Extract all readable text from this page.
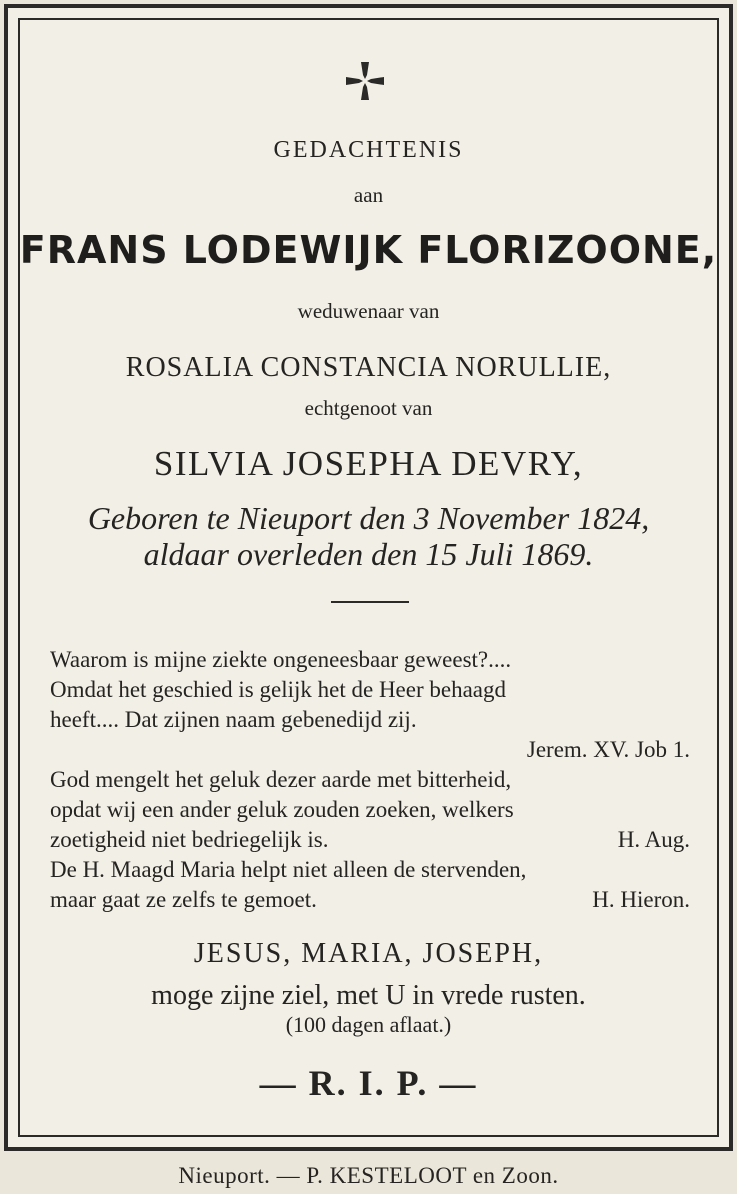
GEDACHTENIS
aan
FRANS LODEWIJK FLORIZOONE,
weduwenaar van
ROSALIA CONSTANCIA NORULLIE,
echtgenoot van
SILVIA JOSEPHA DEVRY,
Geboren te Nieuport den 3 November 1824,
aldaar overleden den 15 Juli 1869.
Waarom is mijne ziekte ongeneesbaar geweest?....
Omdat het geschied is gelijk het de Heer behaagd
heeft.... Dat zijnen naam gebenedijd zij.
Jerem. XV. Job 1.
God mengelt het geluk dezer aarde met bitterheid,
opdat wij een ander geluk zouden zoeken, welkers
zoetigheid niet bedriegelijk is.	H. Aug.
De H. Maagd Maria helpt niet alleen de stervenden,
maar gaat ze zelfs te gemoet.	H. Hieron.
JESUS, MARIA, JOSEPH,
moge zijne ziel, met U in vrede rusten.
(100 dagen aflaat.)
— R. I. P. —
Nieuport. — P. KESTELOOT en Zoon.
